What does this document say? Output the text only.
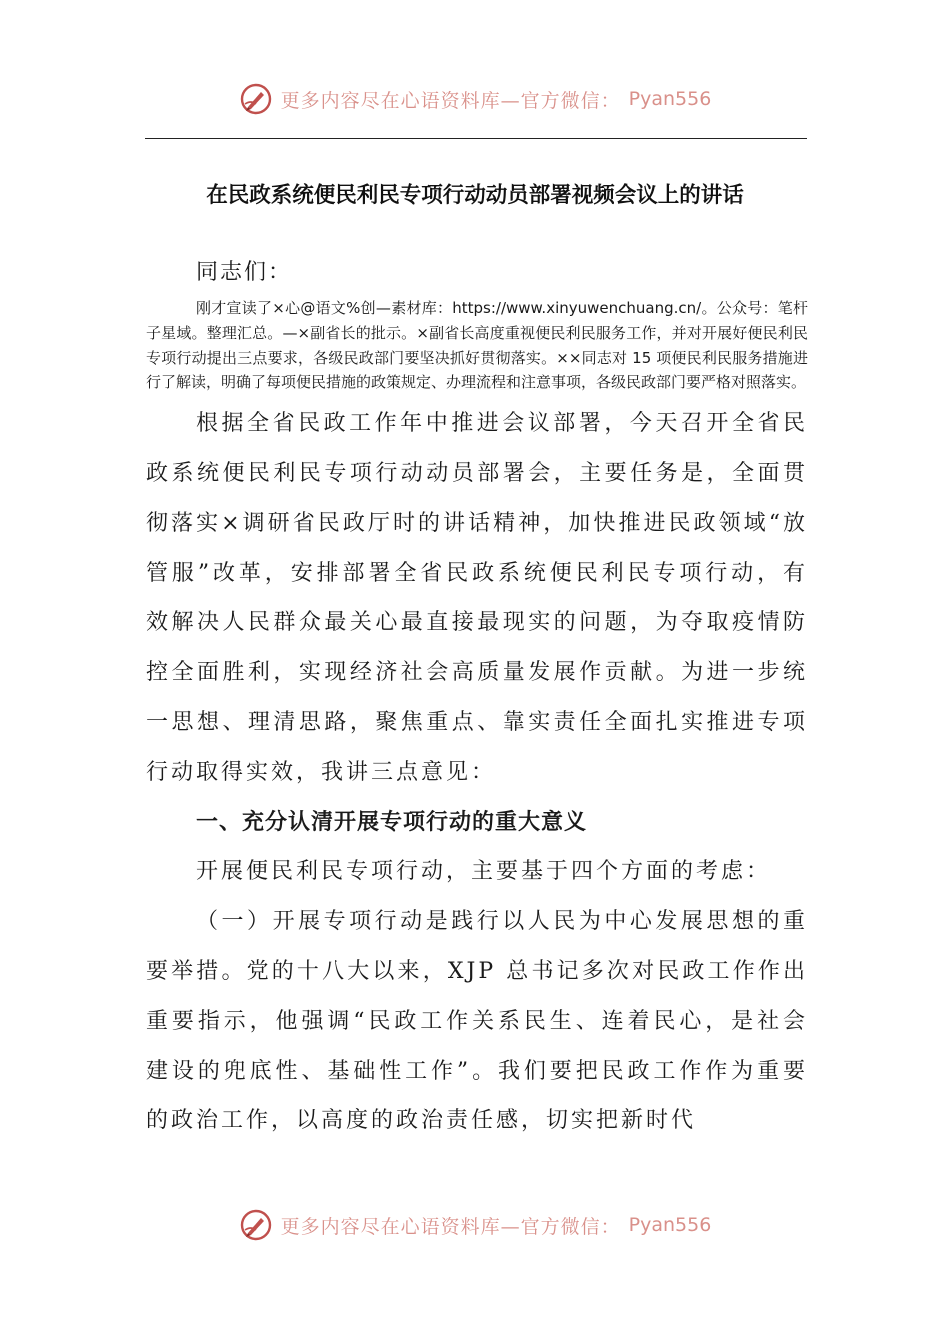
更多内容尽在心语资料库—官方微信： Pyan556
在民政系统便民利民专项行动动员部署视频会议上的讲话

同志们：

刚才宣读了×心@语文%创—素材库：https://www.xinyuwenchuang.cn/。公众号：笔杆子星域。整理汇总。—×副省长的批示。×副省长高度重视便民利民服务工作，并对开展好便民利民专项行动提出三点要求，各级民政部门要坚决抓好贯彻落实。××同志对 15 项便民利民服务措施进行了解读，明确了每项便民措施的政策规定、办理流程和注意事项，各级民政部门要严格对照落实。

根据全省民政工作年中推进会议部署，今天召开全省民政系统便民利民专项行动动员部署会，主要任务是，全面贯彻落实×调研省民政厅时的讲话精神，加快推进民政领域“放管服”改革，安排部署全省民政系统便民利民专项行动，有效解决人民群众最关心最直接最现实的问题，为夺取疫情防控全面胜利，实现经济社会高质量发展作贡献。为进一步统一思想、理清思路，聚焦重点、靠实责任全面扎实推进专项行动取得实效，我讲三点意见：

一、充分认清开展专项行动的重大意义

开展便民利民专项行动，主要基于四个方面的考虑：

（一）开展专项行动是践行以人民为中心发展思想的重要举措。党的十八大以来，XJP 总书记多次对民政工作作出重要指示，他强调“民政工作关系民生、连着民心，是社会建设的兜底性、基础性工作”。我们要把民政工作作为重要的政治工作，以高度的政治责任感，切实把新时代

更多内容尽在心语资料库—官方微信： Pyan556
